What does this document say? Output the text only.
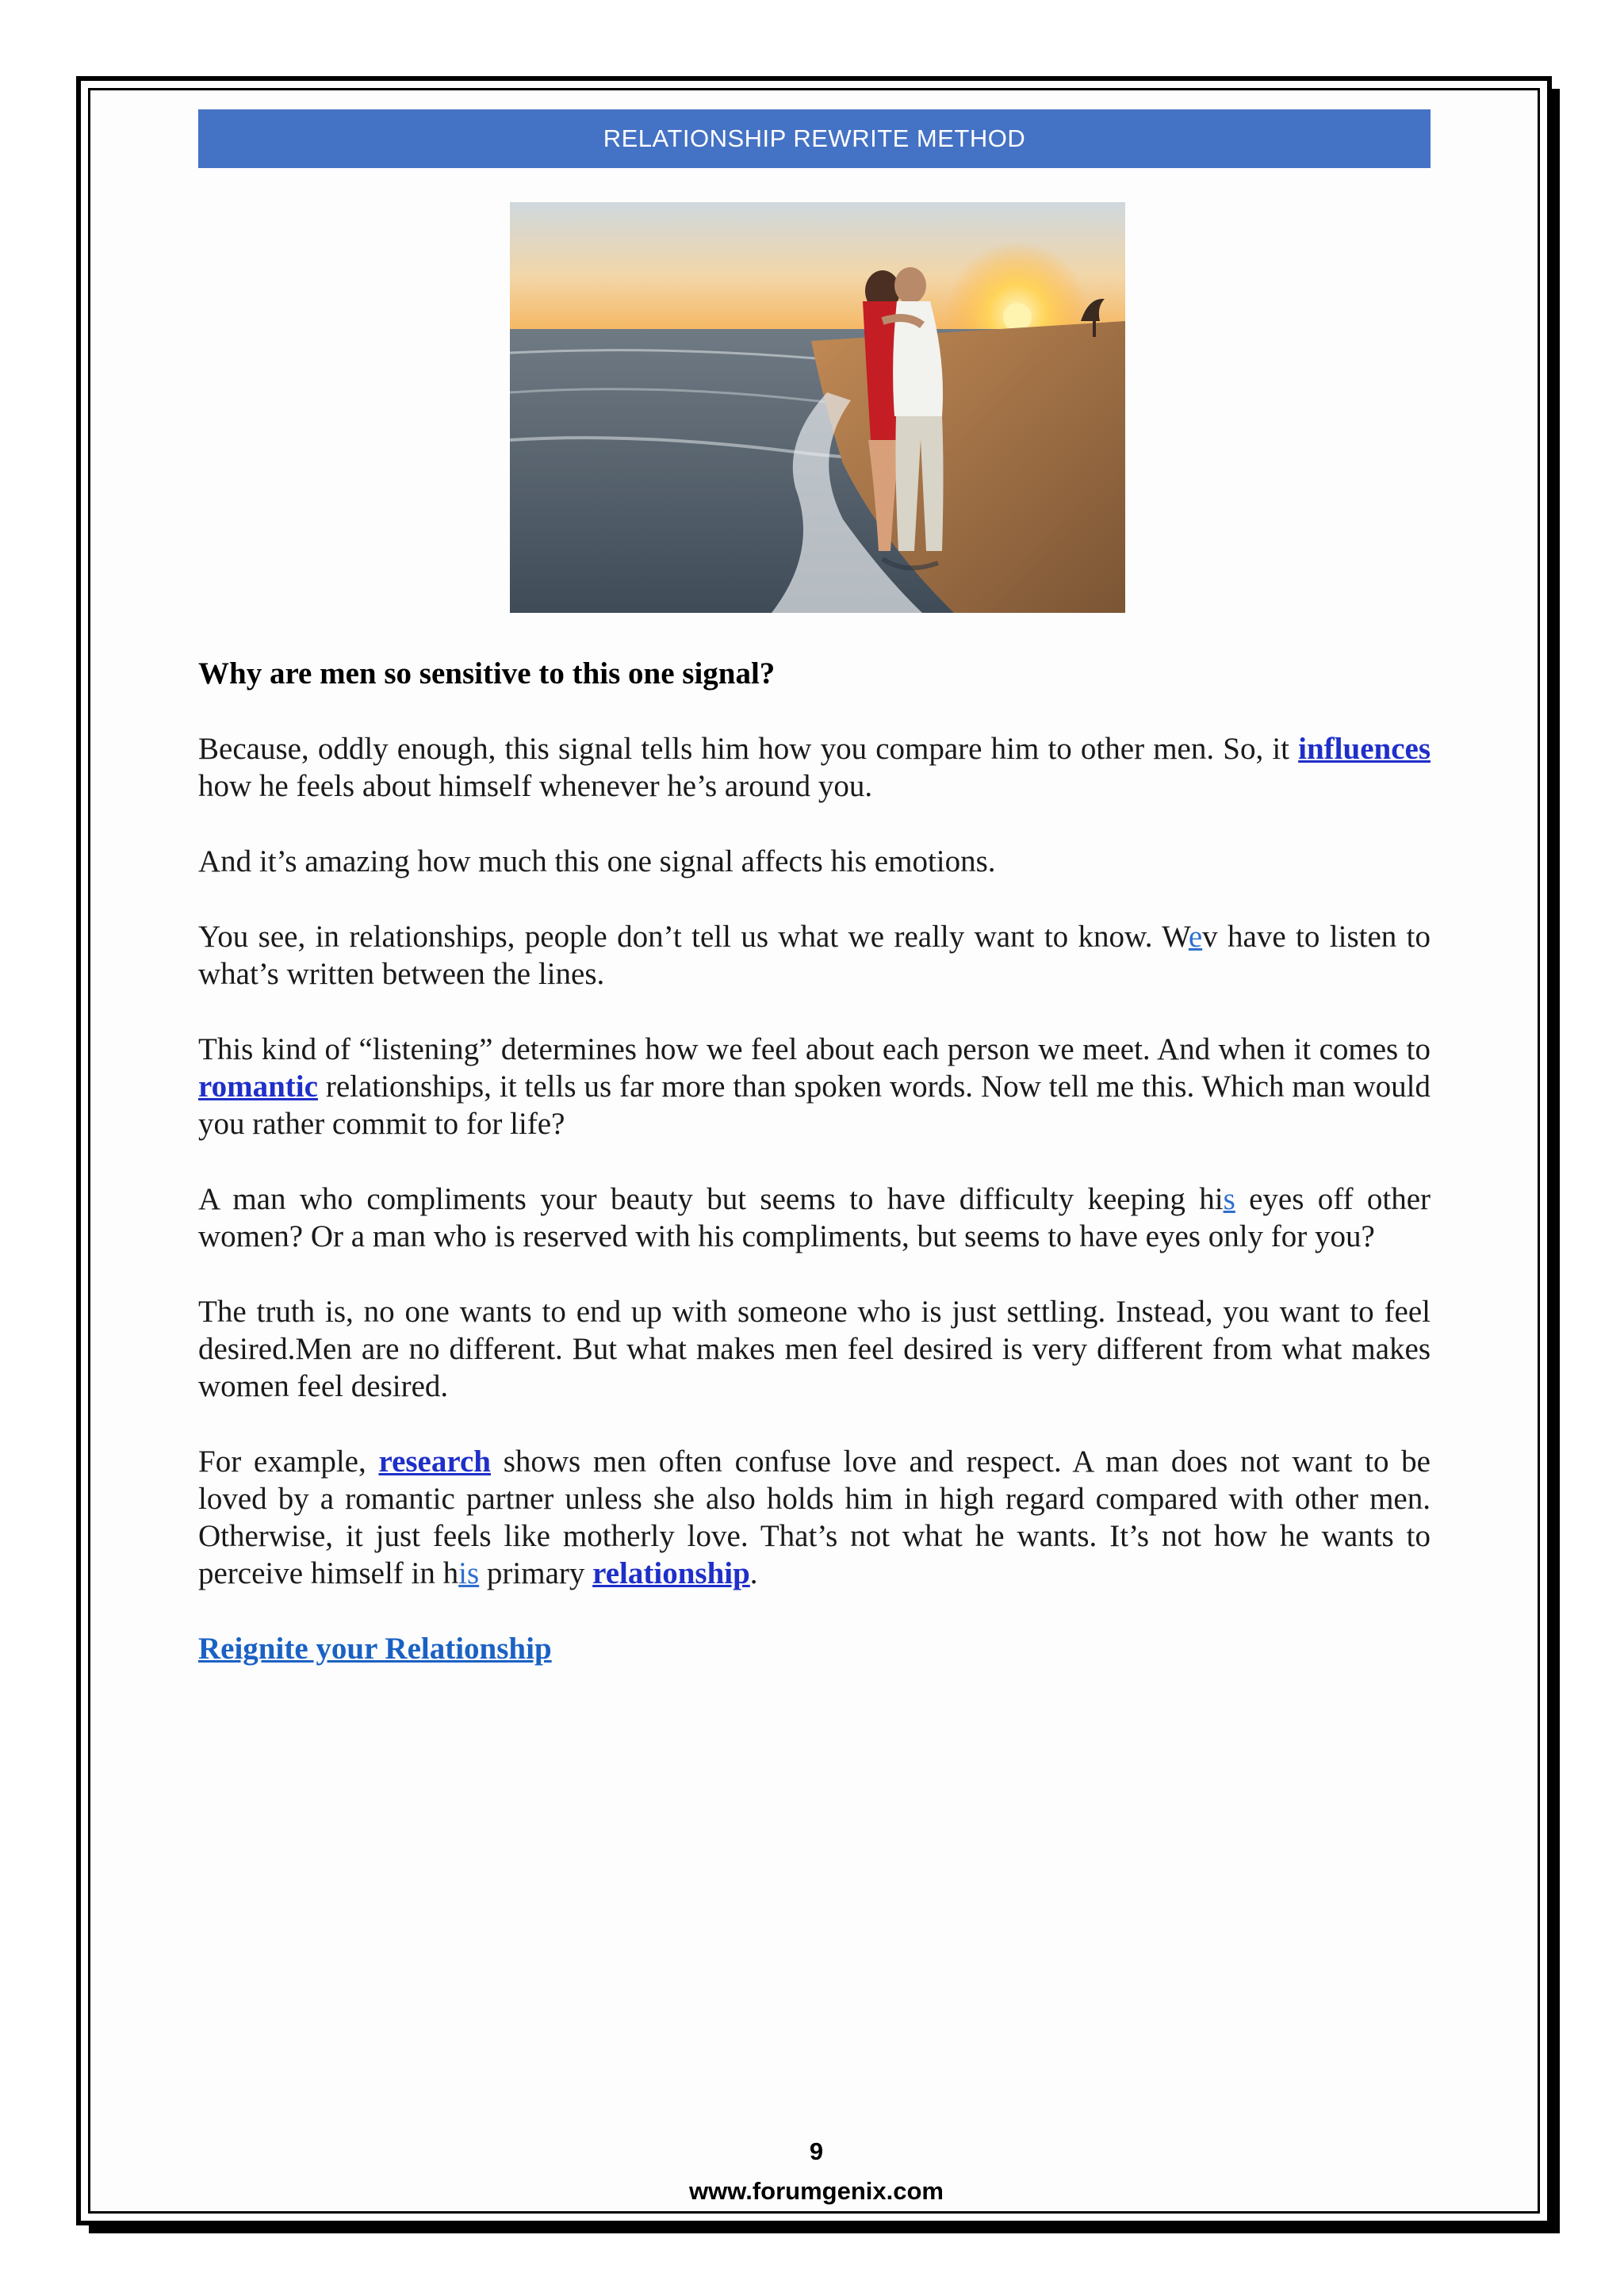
RELATIONSHIP REWRITE METHOD
Why are men so sensitive to this one signal?

Because, oddly enough, this signal tells him how you compare him to other men. So, it influences how he feels about himself whenever he’s around you.

And it’s amazing how much this one signal affects his emotions.

You see, in relationships, people don’t tell us what we really want to know. Wev have to listen to what’s written between the lines.

This kind of “listening” determines how we feel about each person we meet. And when it comes to romantic relationships, it tells us far more than spoken words. Now tell me this. Which man would you rather commit to for life?

A man who compliments your beauty but seems to have difficulty keeping his eyes off other women? Or a man who is reserved with his compliments, but seems to have eyes only for you?

The truth is, no one wants to end up with someone who is just settling. Instead, you want to feel desired.Men are no different. But what makes men feel desired is very different from what makes women feel desired.

For example, research shows men often confuse love and respect. A man does not want to be loved by a romantic partner unless she also holds him in high regard compared with other men. Otherwise, it just feels like motherly love. That’s not what he wants. It’s not how he wants to perceive himself in his primary relationship.

Reignite your Relationship

9
www.forumgenix.com
